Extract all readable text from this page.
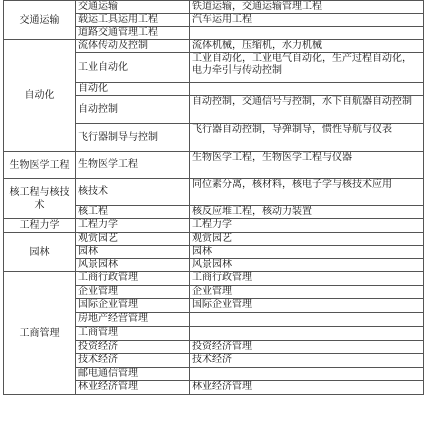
交通运输	交通运输	铁道运输，交通运输管理工程
	载运工具运用工程	汽车运用工程
	道路交通管理工程	
自动化	流体传动及控制	流体机械，压缩机，水力机械
	工业自动化	工业自动化，工业电气自动化，生产过程自动化，电力牵引与传动控制
	自动化	
	自动控制	自动控制，交通信号与控制，水下自航器自动控制
	飞行器制导与控制	飞行器自动控制，导弹制导，惯性导航与仪表
生物医学工程	生物医学工程	生物医学工程，生物医学工程与仪器
核工程与核技术	核技术	同位素分离，核材料，核电子学与核技术应用
	核工程	核反应堆工程，核动力装置
工程力学	工程力学	工程力学
园林	观赏园艺	观赏园艺
	园林	园林
	风景园林	风景园林
工商管理	工商行政管理	工商行政管理
	企业管理	企业管理
	国际企业管理	国际企业管理
	房地产经营管理	
	工商管理	
	投资经济	投资经济管理
	技术经济	技术经济
	邮电通信管理	
	林业经济管理	林业经济管理
